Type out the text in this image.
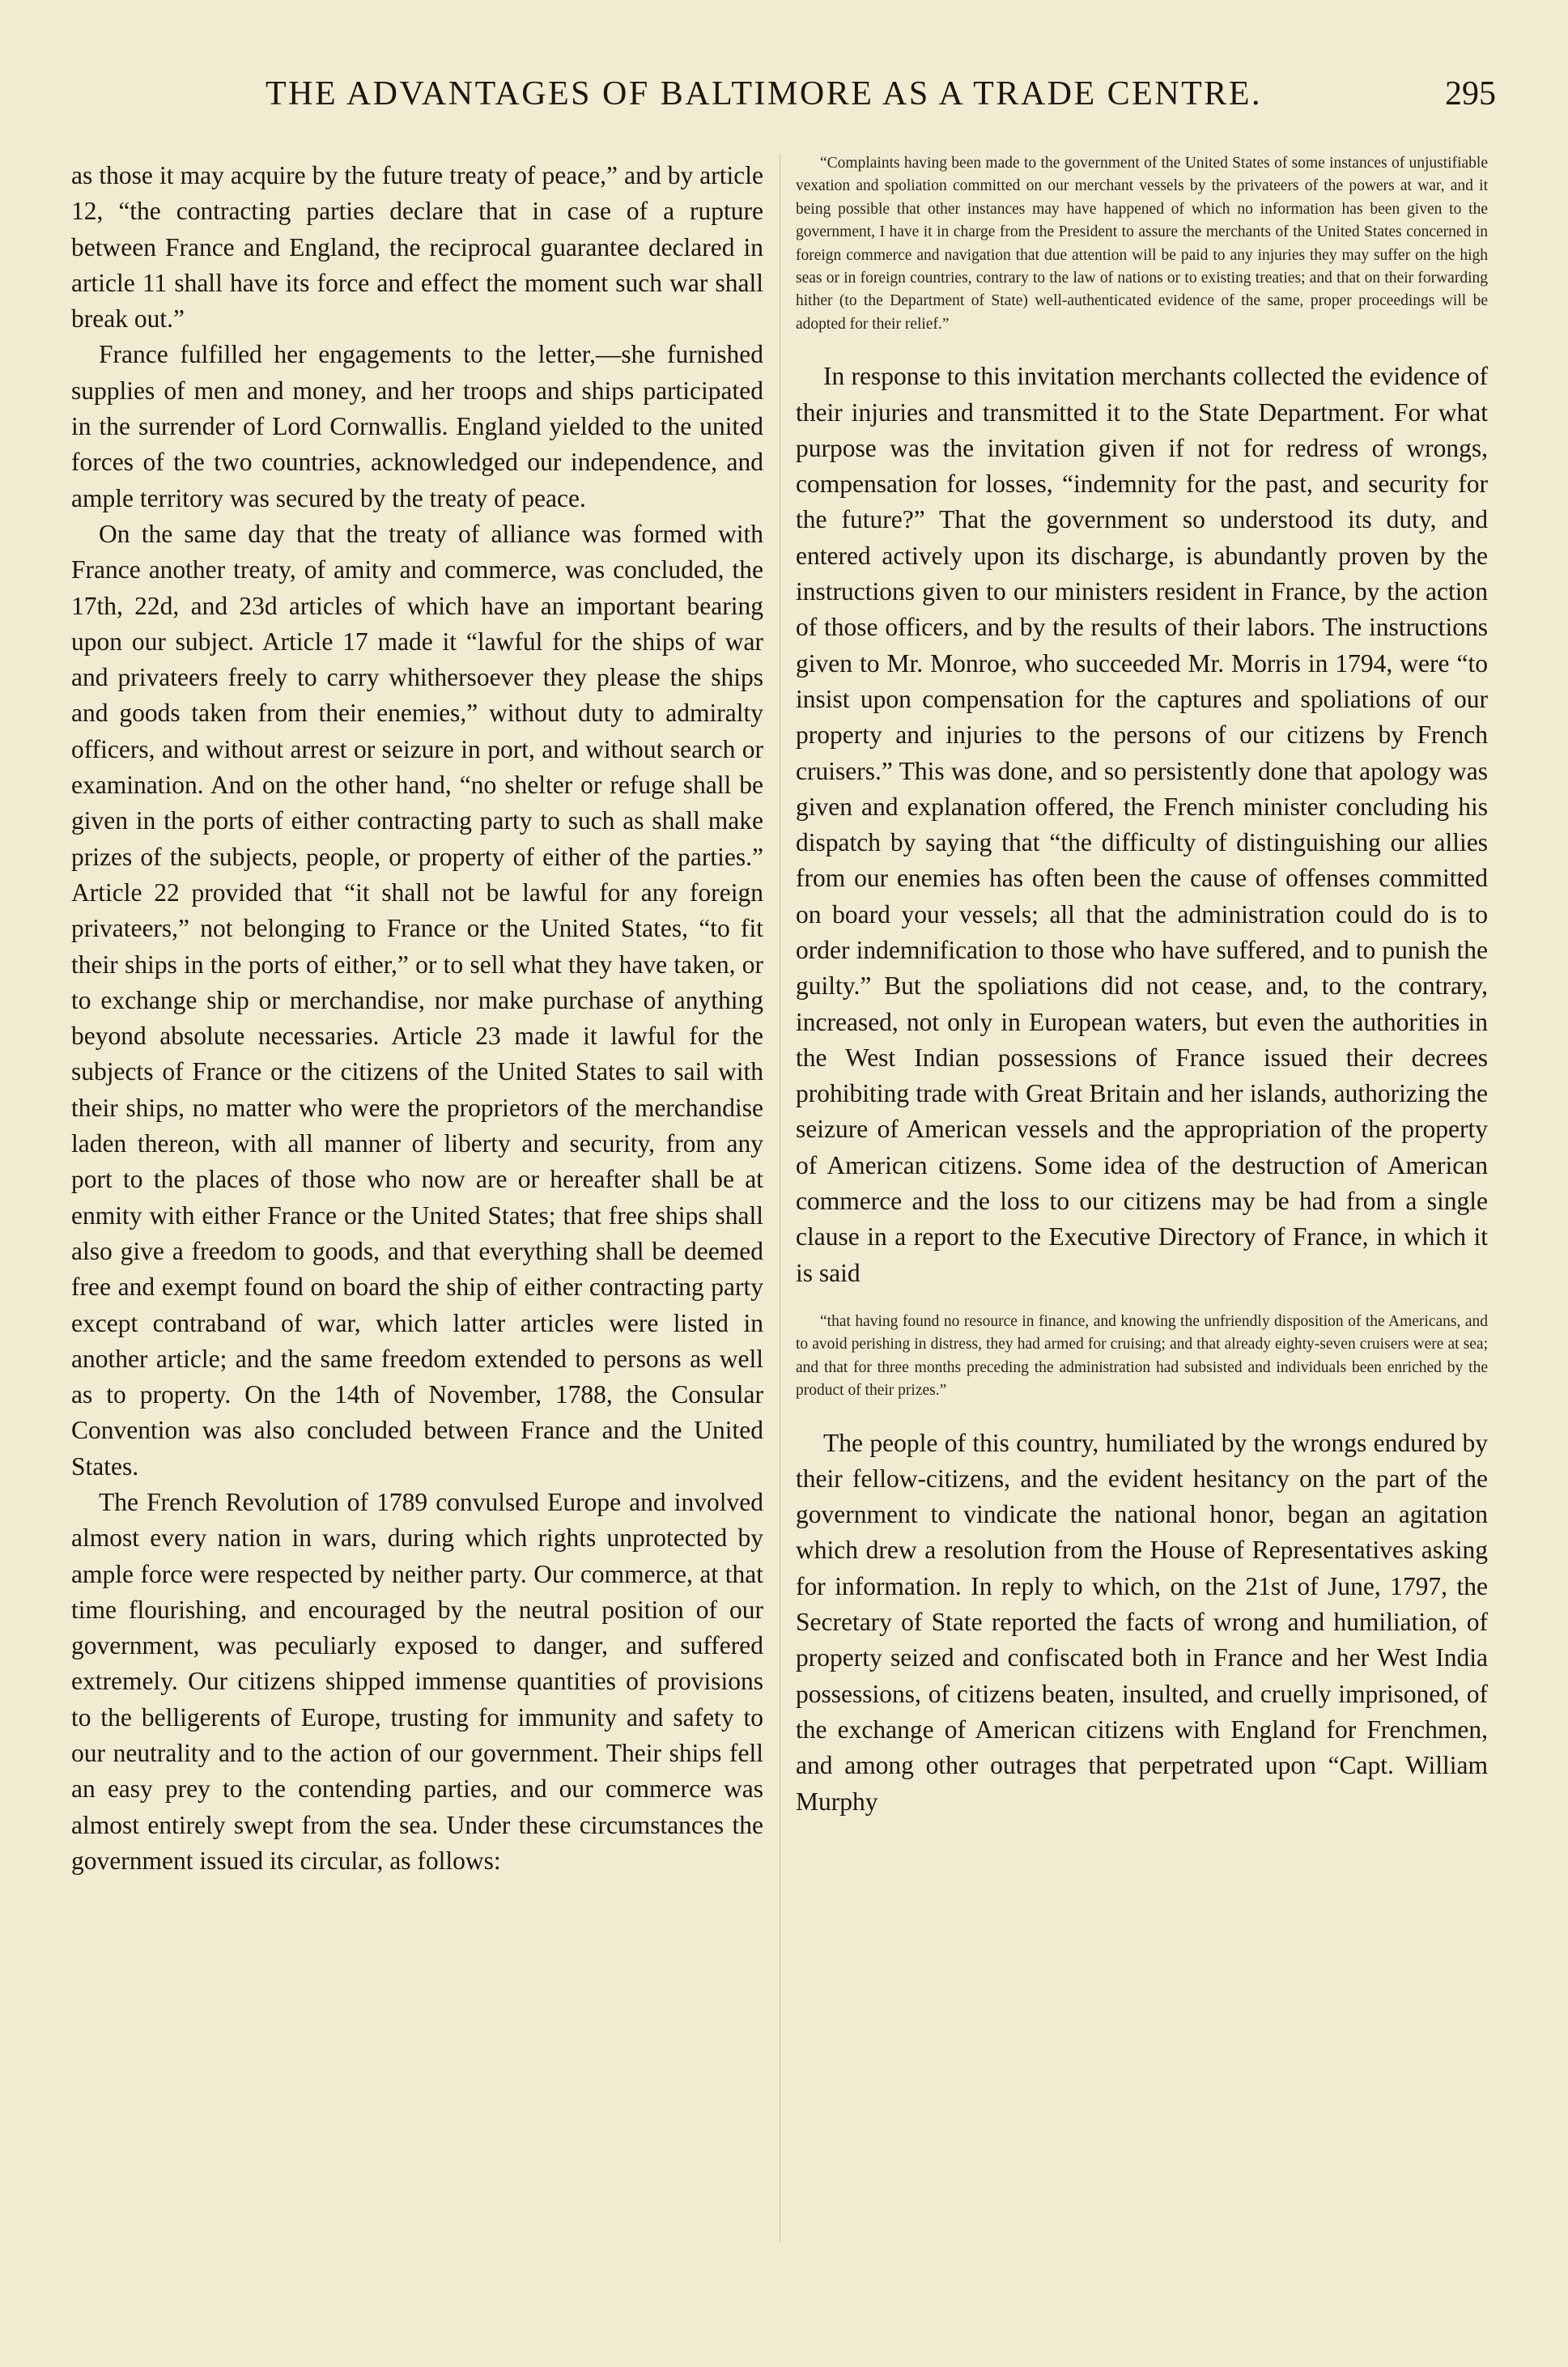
THE ADVANTAGES OF BALTIMORE AS A TRADE CENTRE.	295

as those it may acquire by the future treaty of peace,” and by article 12, “the contracting parties declare that in case of a rupture between France and England, the reciprocal guarantee declared in article 11 shall have its force and effect the moment such war shall break out.”

France fulfilled her engagements to the letter,—she furnished supplies of men and money, and her troops and ships participated in the surrender of Lord Cornwallis. England yielded to the united forces of the two countries, acknowledged our independence, and ample territory was secured by the treaty of peace.

On the same day that the treaty of alliance was formed with France another treaty, of amity and commerce, was concluded, the 17th, 22d, and 23d articles of which have an important bearing upon our subject. Article 17 made it “lawful for the ships of war and privateers freely to carry whithersoever they please the ships and goods taken from their enemies,” without duty to admiralty officers, and without arrest or seizure in port, and without search or examination. And on the other hand, “no shelter or refuge shall be given in the ports of either contracting party to such as shall make prizes of the subjects, people, or property of either of the parties.” Article 22 provided that “it shall not be lawful for any foreign privateers,” not belonging to France or the United States, “to fit their ships in the ports of either,” or to sell what they have taken, or to exchange ship or merchandise, nor make purchase of anything beyond absolute necessaries. Article 23 made it lawful for the subjects of France or the citizens of the United States to sail with their ships, no matter who were the proprietors of the merchandise laden thereon, with all manner of liberty and security, from any port to the places of those who now are or hereafter shall be at enmity with either France or the United States; that free ships shall also give a freedom to goods, and that everything shall be deemed free and exempt found on board the ship of either contracting party except contraband of war, which latter articles were listed in another article; and the same freedom extended to persons as well as to property. On the 14th of November, 1788, the Consular Convention was also concluded between France and the United States.

The French Revolution of 1789 convulsed Europe and involved almost every nation in wars, during which rights unprotected by ample force were respected by neither party. Our commerce, at that time flourishing, and encouraged by the neutral position of our government, was peculiarly exposed to danger, and suffered extremely. Our citizens shipped immense quantities of provisions to the belligerents of Europe, trusting for immunity and safety to our neutrality and to the action of our government. Their ships fell an easy prey to the contending parties, and our commerce was almost entirely swept from the sea. Under these circumstances the government issued its circular, as follows:

“Complaints having been made to the government of the United States of some instances of unjustifiable vexation and spoliation committed on our merchant vessels by the privateers of the powers at war, and it being possible that other instances may have happened of which no information has been given to the government, I have it in charge from the President to assure the merchants of the United States concerned in foreign commerce and navigation that due attention will be paid to any injuries they may suffer on the high seas or in foreign countries, contrary to the law of nations or to existing treaties; and that on their forwarding hither (to the Department of State) well-authenticated evidence of the same, proper proceedings will be adopted for their relief.”

In response to this invitation merchants collected the evidence of their injuries and transmitted it to the State Department. For what purpose was the invitation given if not for redress of wrongs, compensation for losses, “indemnity for the past, and security for the future?” That the government so understood its duty, and entered actively upon its discharge, is abundantly proven by the instructions given to our ministers resident in France, by the action of those officers, and by the results of their labors. The instructions given to Mr. Monroe, who succeeded Mr. Morris in 1794, were “to insist upon compensation for the captures and spoliations of our property and injuries to the persons of our citizens by French cruisers.” This was done, and so persistently done that apology was given and explanation offered, the French minister concluding his dispatch by saying that “the difficulty of distinguishing our allies from our enemies has often been the cause of offenses committed on board your vessels; all that the administration could do is to order indemnification to those who have suffered, and to punish the guilty.” But the spoliations did not cease, and, to the contrary, increased, not only in European waters, but even the authorities in the West Indian possessions of France issued their decrees prohibiting trade with Great Britain and her islands, authorizing the seizure of American vessels and the appropriation of the property of American citizens. Some idea of the destruction of American commerce and the loss to our citizens may be had from a single clause in a report to the Executive Directory of France, in which it is said

“that having found no resource in finance, and knowing the unfriendly disposition of the Americans, and to avoid perishing in distress, they had armed for cruising; and that already eighty-seven cruisers were at sea; and that for three months preceding the administration had subsisted and individuals been enriched by the product of their prizes.”

The people of this country, humiliated by the wrongs endured by their fellow-citizens, and the evident hesitancy on the part of the government to vindicate the national honor, began an agitation which drew a resolution from the House of Representatives asking for information. In reply to which, on the 21st of June, 1797, the Secretary of State reported the facts of wrong and humiliation, of property seized and confiscated both in France and her West India possessions, of citizens beaten, insulted, and cruelly imprisoned, of the exchange of American citizens with England for Frenchmen, and among other outrages that perpetrated upon “Capt. William Murphy
